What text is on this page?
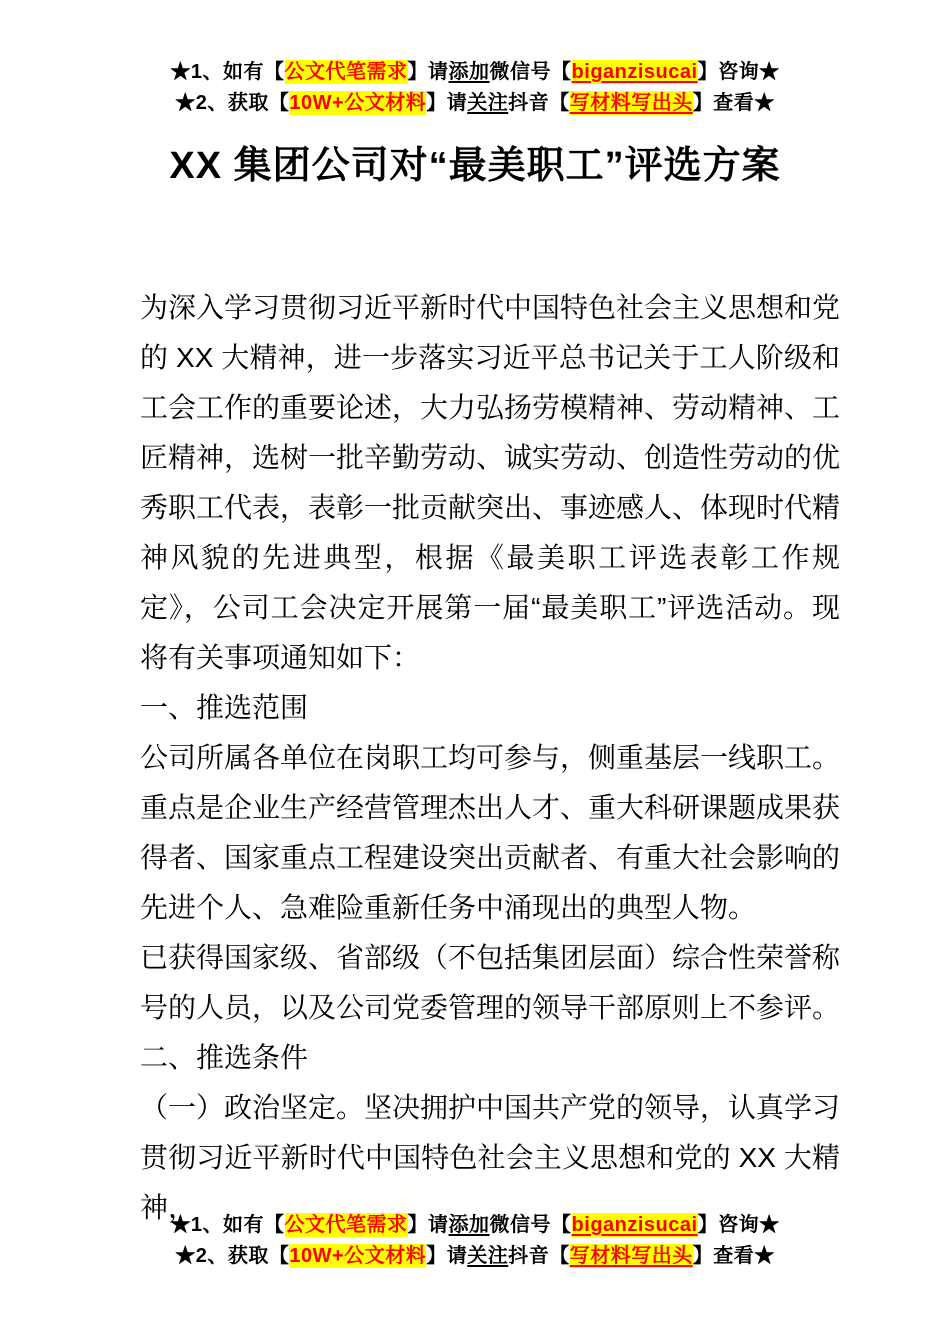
★1、如有【公文代笔需求】请添加微信号【biganzisucai】咨询★
★2、获取【10W+公文材料】请关注抖音【写材料写出头】查看★
XX 集团公司对“最美职工”评选方案

为深入学习贯彻习近平新时代中国特色社会主义思想和党的 XX 大精神，进一步落实习近平总书记关于工人阶级和工会工作的重要论述，大力弘扬劳模精神、劳动精神、工匠精神，选树一批辛勤劳动、诚实劳动、创造性劳动的优秀职工代表，表彰一批贡献突出、事迹感人、体现时代精神风貌的先进典型，根据《最美职工评选表彰工作规定》，公司工会决定开展第一届“最美职工”评选活动。现将有关事项通知如下：

一、推选范围

公司所属各单位在岗职工均可参与，侧重基层一线职工。重点是企业生产经营管理杰出人才、重大科研课题成果获得者、国家重点工程建设突出贡献者、有重大社会影响的先进个人、急难险重新任务中涌现出的典型人物。

已获得国家级、省部级（不包括集团层面）综合性荣誉称号的人员，以及公司党委管理的领导干部原则上不参评。

二、推选条件

（一）政治坚定。坚决拥护中国共产党的领导，认真学习贯彻习近平新时代中国特色社会主义思想和党的 XX 大精神，

★1、如有【公文代笔需求】请添加微信号【biganzisucai】咨询★
★2、获取【10W+公文材料】请关注抖音【写材料写出头】查看★
